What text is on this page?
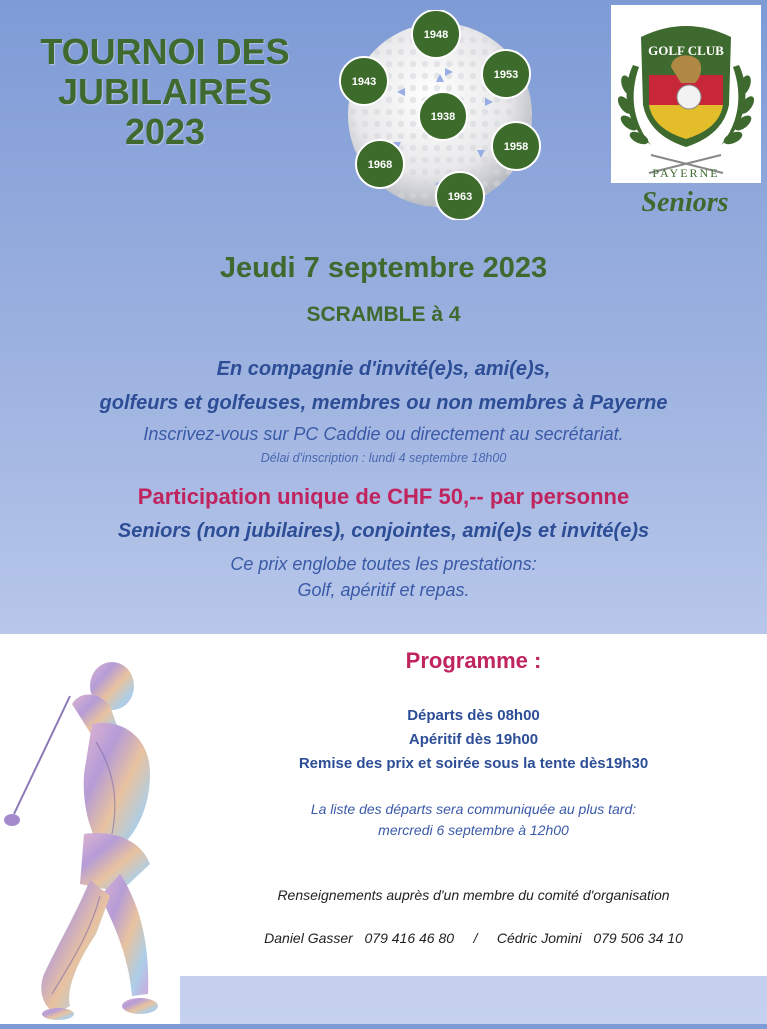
TOURNOI DES
JUBILAIRES
2023	1938
1948
1953
1958
1963
1968
1943
GOLF CLUB
PAYERNE
Seniors
Jeudi 7 septembre 2023
SCRAMBLE à 4
En compagnie d'invité(e)s, ami(e)s,
golfeurs et golfeuses, membres ou non membres à Payerne
Inscrivez-vous sur PC Caddie ou directement au secrétariat.
Délai d'inscription : lundi 4 septembre 18h00
Participation unique de CHF 50,-- par personne
Seniors (non jubilaires), conjointes, ami(e)s et invité(e)s
Ce prix englobe toutes les prestations:
Golf, apéritif et repas.
Programme :
Départs dès 08h00
Apéritif dès 19h00
Remise des prix et soirée sous la tente dès19h30
La liste des départs sera communiquée au plus tard:
mercredi 6 septembre à 12h00
Renseignements auprès d'un membre du comité d'organisation
Daniel Gasser 079 416 46 80 / Cédric Jomini 079 506 34 10
